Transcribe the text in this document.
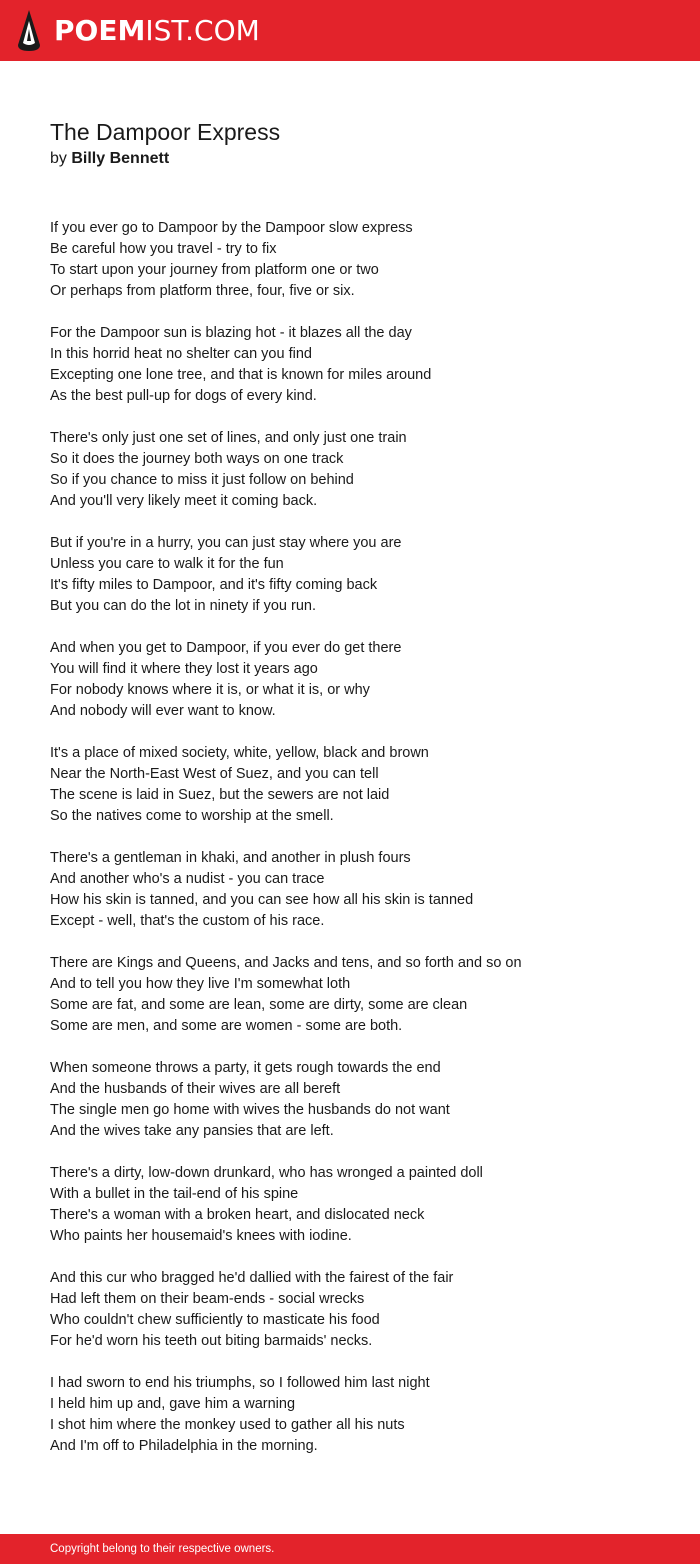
POEMIST.COM
The Dampoor Express
by Billy Bennett
If you ever go to Dampoor by the Dampoor slow express
Be careful how you travel - try to fix
To start upon your journey from platform one or two
Or perhaps from platform three, four, five or six.
For the Dampoor sun is blazing hot - it blazes all the day
In this horrid heat no shelter can you find
Excepting one lone tree, and that is known for miles around
As the best pull-up for dogs of every kind.
There's only just one set of lines, and only just one train
So it does the journey both ways on one track
So if you chance to miss it just follow on behind
And you'll very likely meet it coming back.
But if you're in a hurry, you can just stay where you are
Unless you care to walk it for the fun
It's fifty miles to Dampoor, and it's fifty coming back
But you can do the lot in ninety if you run.
And when you get to Dampoor, if you ever do get there
You will find it where they lost it years ago
For nobody knows where it is, or what it is, or why
And nobody will ever want to know.
It's a place of mixed society, white, yellow, black and brown
Near the North-East West of Suez, and you can tell
The scene is laid in Suez, but the sewers are not laid
So the natives come to worship at the smell.
There's a gentleman in khaki, and another in plush fours
And another who's a nudist - you can trace
How his skin is tanned, and you can see how all his skin is tanned
Except - well, that's the custom of his race.
There are Kings and Queens, and Jacks and tens, and so forth and so on
And to tell you how they live I'm somewhat loth
Some are fat, and some are lean, some are dirty, some are clean
Some are men, and some are women - some are both.
When someone throws a party, it gets rough towards the end
And the husbands of their wives are all bereft
The single men go home with wives the husbands do not want
And the wives take any pansies that are left.
There's a dirty, low-down drunkard, who has wronged a painted doll
With a bullet in the tail-end of his spine
There's a woman with a broken heart, and dislocated neck
Who paints her housemaid's knees with iodine.
And this cur who bragged he'd dallied with the fairest of the fair
Had left them on their beam-ends - social wrecks
Who couldn't chew sufficiently to masticate his food
For he'd worn his teeth out biting barmaids' necks.
I had sworn to end his triumphs, so I followed him last night
I held him up and, gave him a warning
I shot him where the monkey used to gather all his nuts
And I'm off to Philadelphia in the morning.
Copyright belong to their respective owners.
